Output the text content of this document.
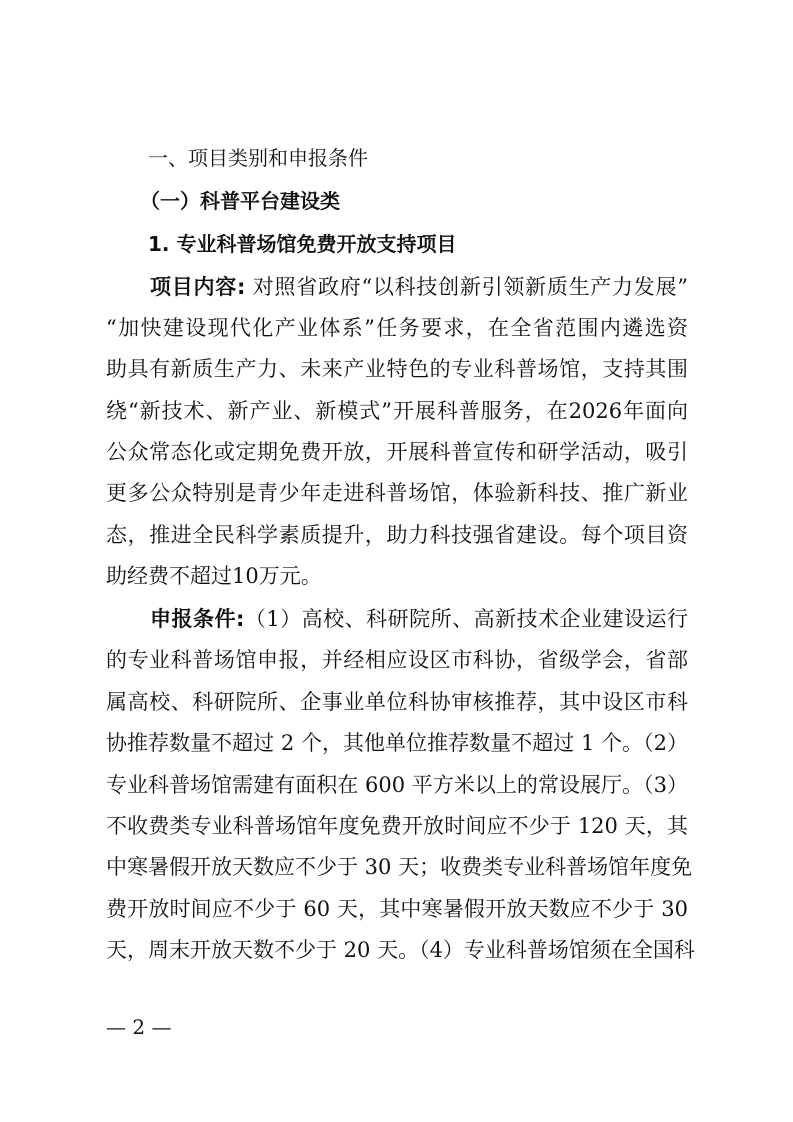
一、项目类别和申报条件
（一）科普平台建设类
1. 专业科普场馆免费开放支持项目
项目内容: 对照省政府“以科技创新引领新质生产力发展”
“加快建设现代化产业体系”任务要求，在全省范围内遴选资
助具有新质生产力、未来产业特色的专业科普场馆，支持其围
绕“新技术、新产业、新模式”开展科普服务，在2026年面向
公众常态化或定期免费开放，开展科普宣传和研学活动，吸引
更多公众特别是青少年走进科普场馆，体验新科技、推广新业
态，推进全民科学素质提升，助力科技强省建设。每个项目资
助经费不超过10万元。
申报条件:（1）高校、科研院所、高新技术企业建设运行
的专业科普场馆申报，并经相应设区市科协，省级学会，省部
属高校、科研院所、企事业单位科协审核推荐，其中设区市科
协推荐数量不超过 2 个，其他单位推荐数量不超过 1 个。（2）
专业科普场馆需建有面积在 600 平方米以上的常设展厅。（3）
不收费类专业科普场馆年度免费开放时间应不少于 120 天，其
中寒暑假开放天数应不少于 30 天；收费类专业科普场馆年度免
费开放时间应不少于 60 天，其中寒暑假开放天数应不少于 30
天，周末开放天数不少于 20 天。（4）专业科普场馆须在全国科
— 2 —
